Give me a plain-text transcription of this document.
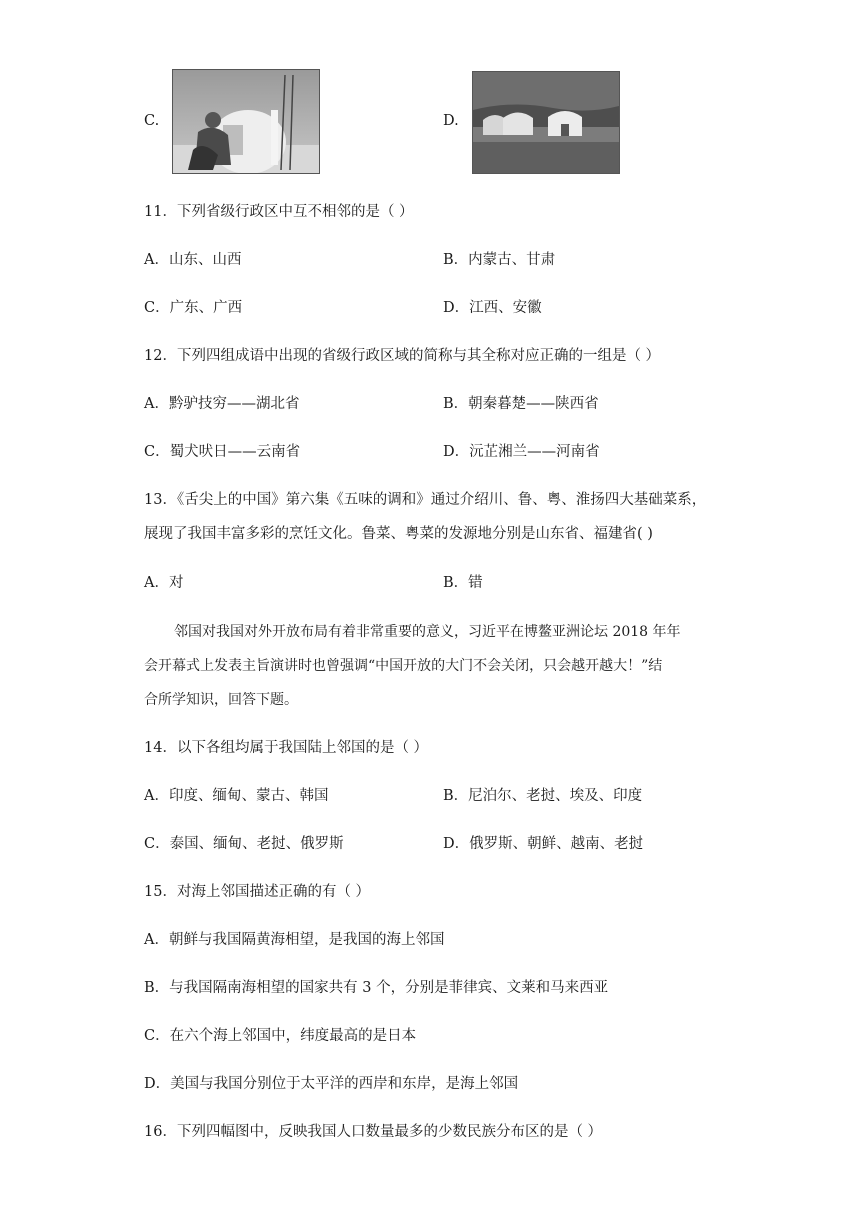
C.	D.
11．下列省级行政区中互不相邻的是（ ）
A．山东、山西	B．内蒙古、甘肃
C．广东、广西	D．江西、安徽
12．下列四组成语中出现的省级行政区域的简称与其全称对应正确的一组是（ ）
A．黔驴技穷——湖北省	B．朝秦暮楚——陕西省
C．蜀犬吠日——云南省	D．沅芷湘兰——河南省
13．《舌尖上的中国》第六集《五味的调和》通过介绍川、鲁、粤、淮扬四大基础菜系，
展现了我国丰富多彩的烹饪文化。鲁菜、粤菜的发源地分别是山东省、福建省( )
A．对	B．错
邻国对我国对外开放布局有着非常重要的意义，习近平在博鳌亚洲论坛 2018 年年
会开幕式上发表主旨演讲时也曾强调“中国开放的大门不会关闭，只会越开越大！”结
合所学知识，回答下题。
14．以下各组均属于我国陆上邻国的是（ ）
A．印度、缅甸、蒙古、韩国	B．尼泊尔、老挝、埃及、印度
C．泰国、缅甸、老挝、俄罗斯	D．俄罗斯、朝鲜、越南、老挝
15．对海上邻国描述正确的有（ ）
A．朝鲜与我国隔黄海相望，是我国的海上邻国
B．与我国隔南海相望的国家共有 3 个，分别是菲律宾、文莱和马来西亚
C．在六个海上邻国中，纬度最高的是日本
D．美国与我国分别位于太平洋的西岸和东岸，是海上邻国
16．下列四幅图中，反映我国人口数量最多的少数民族分布区的是（ ）
